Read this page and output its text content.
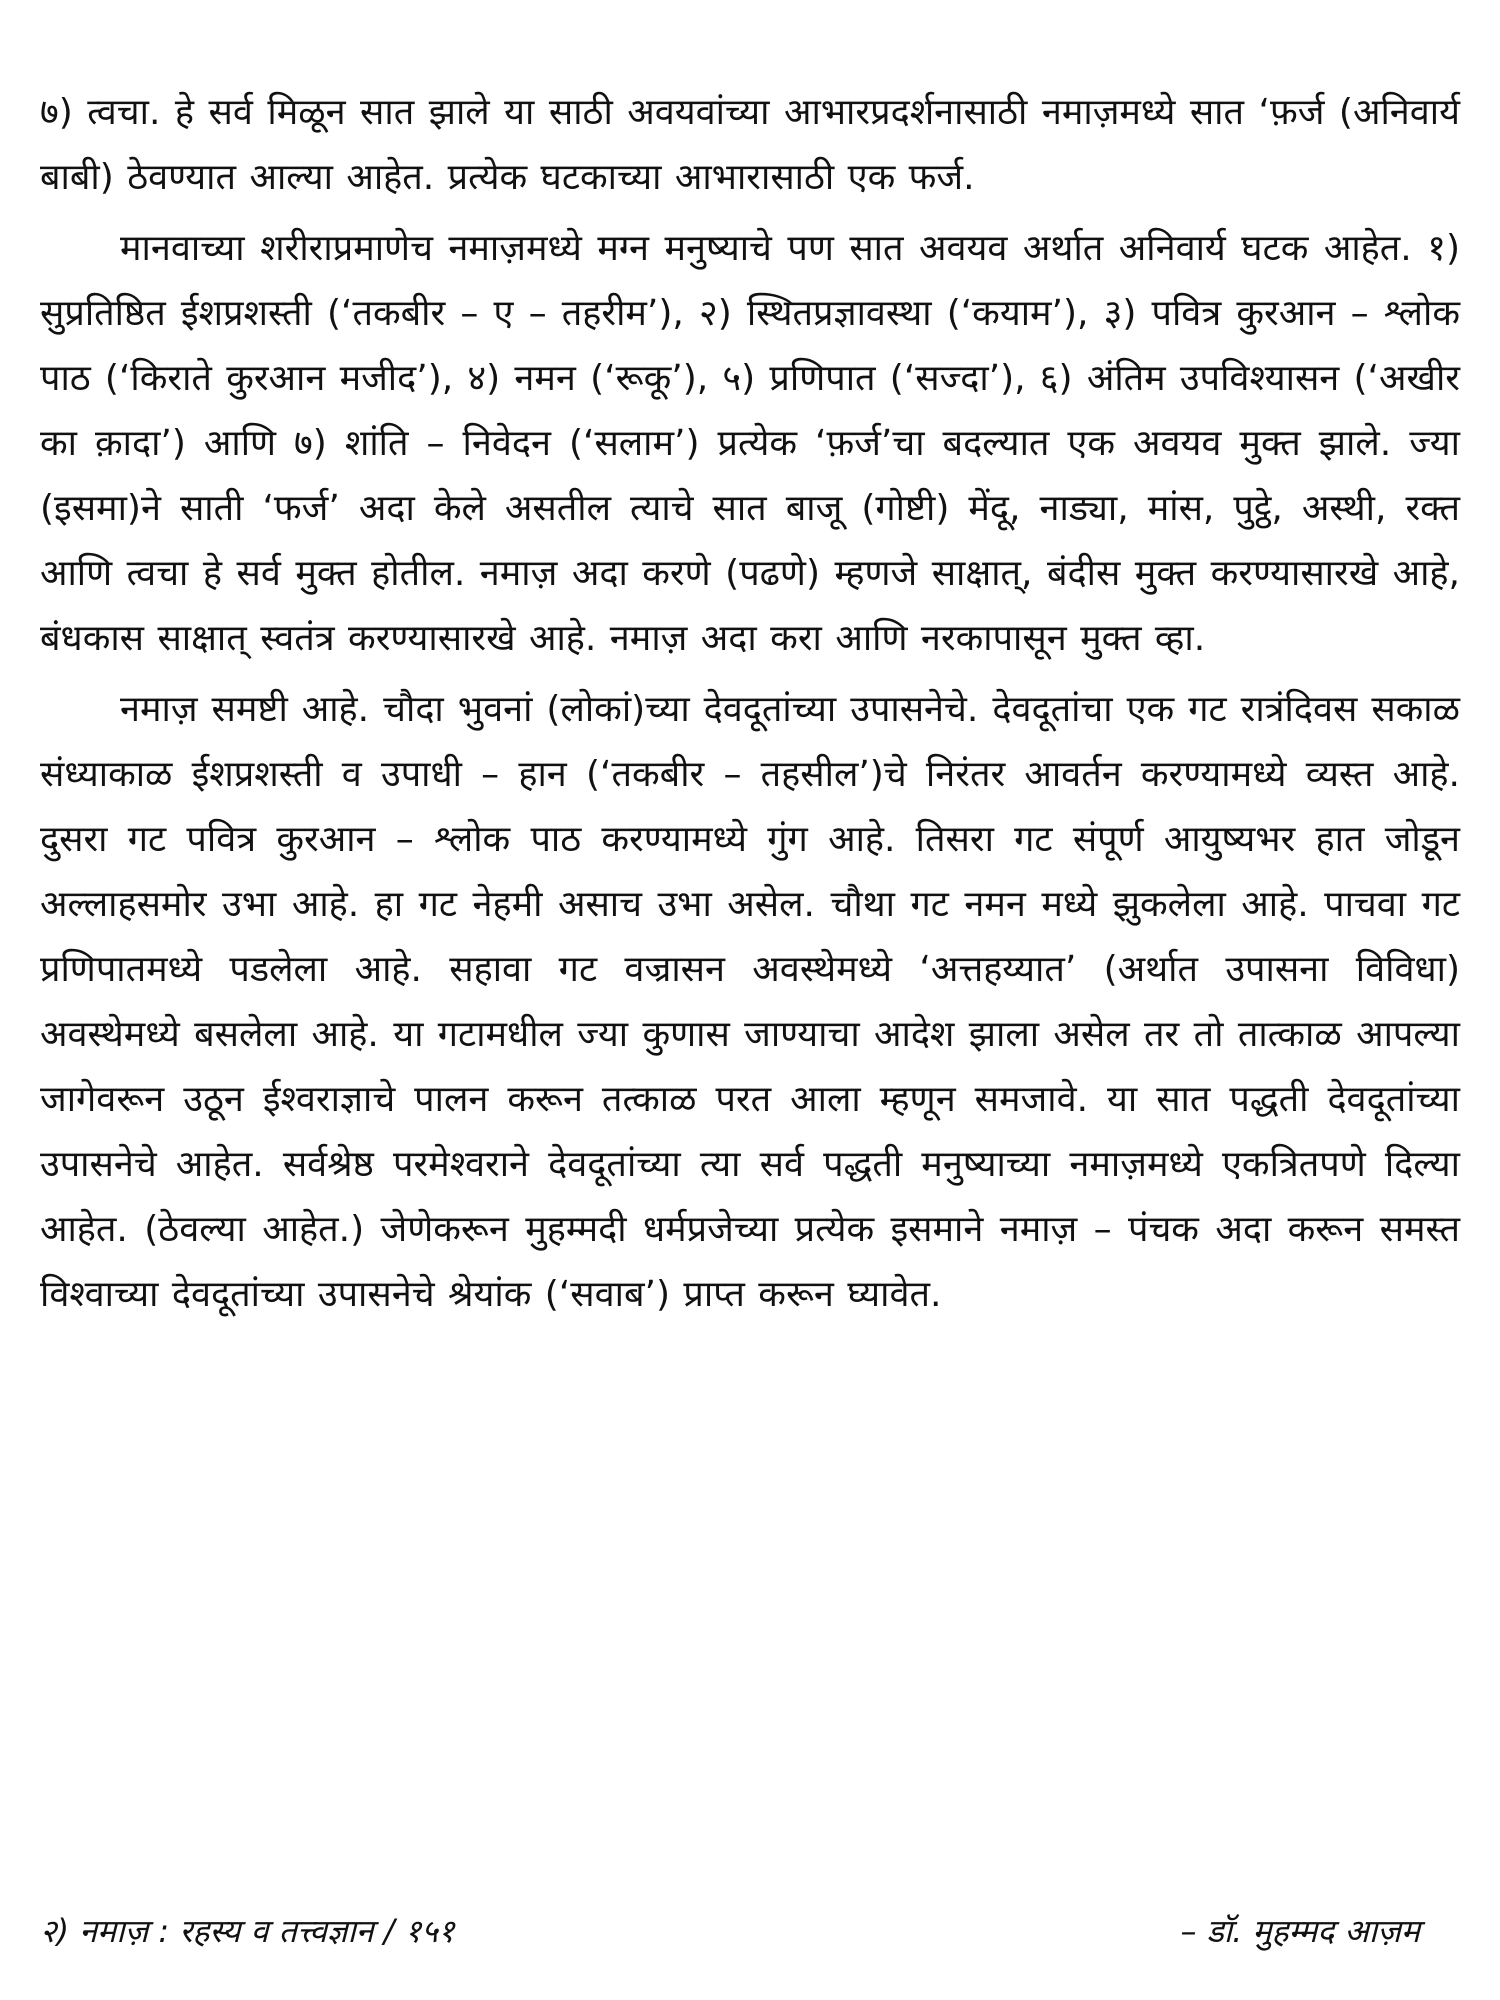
७) त्वचा. हे सर्व मिळून सात झाले या साठी अवयवांच्या आभारप्रदर्शनासाठी नमाज़मध्ये सात ‘फ़र्ज (अनिवार्य बाबी) ठेवण्यात आल्या आहेत. प्रत्येक घटकाच्या आभारासाठी एक फर्ज.

मानवाच्या शरीराप्रमाणेच नमाज़मध्ये मग्न मनुष्याचे पण सात अवयव अर्थात अनिवार्य घटक आहेत. १) सुप्रतिष्ठित ईशप्रशस्ती (‘तकबीर – ए – तहरीम’), २) स्थितप्रज्ञावस्था (‘कयाम’), ३) पवित्र कुरआन – श्लोक पाठ (‘किराते कुरआन मजीद’), ४) नमन (‘रूकू’), ५) प्रणिपात (‘सज्दा’), ६) अंतिम उपविश्यासन (‘अखीर का क़ादा’) आणि ७) शांति – निवेदन (‘सलाम’) प्रत्येक ‘फ़र्ज’चा बदल्यात एक अवयव मुक्त झाले. ज्या (इसमा)ने साती ‘फर्ज’ अदा केले असतील त्याचे सात बाजू (गोष्टी) मेंदू, नाड्या, मांस, पुट्ठे, अस्थी, रक्त आणि त्वचा हे सर्व मुक्त होतील. नमाज़ अदा करणे (पढणे) म्हणजे साक्षात्, बंदीस मुक्त करण्यासारखे आहे, बंधकास साक्षात् स्वतंत्र करण्यासारखे आहे. नमाज़ अदा करा आणि नरकापासून मुक्त व्हा.

नमाज़ समष्टी आहे. चौदा भुवनां (लोकां)च्या देवदूतांच्या उपासनेचे. देवदूतांचा एक गट रात्रंदिवस सकाळ संध्याकाळ ईशप्रशस्ती व उपाधी – हान (‘तकबीर – तहसील’)चे निरंतर आवर्तन करण्यामध्ये व्यस्त आहे. दुसरा गट पवित्र कुरआन – श्लोक पाठ करण्यामध्ये गुंग आहे. तिसरा गट संपूर्ण आयुष्यभर हात जोडून अल्लाहसमोर उभा आहे. हा गट नेहमी असाच उभा असेल. चौथा गट नमन मध्ये झुकलेला आहे. पाचवा गट प्रणिपातमध्ये पडलेला आहे. सहावा गट वज्रासन अवस्थेमध्ये ‘अत्तहय्यात’ (अर्थात उपासना विविधा) अवस्थेमध्ये बसलेला आहे. या गटामधील ज्या कुणास जाण्याचा आदेश झाला असेल तर तो तात्काळ आपल्या जागेवरून उठून ईश्वराज्ञाचे पालन करून तत्काळ परत आला म्हणून समजावे. या सात पद्धती देवदूतांच्या उपासनेचे आहेत. सर्वश्रेष्ठ परमेश्वराने देवदूतांच्या त्या सर्व पद्धती मनुष्याच्या नमाज़मध्ये एकत्रितपणे दिल्या आहेत. (ठेवल्या आहेत.) जेणेकरून मुहम्मदी धर्मप्रजेच्या प्रत्येक इसमाने नमाज़ – पंचक अदा करून समस्त विश्वाच्या देवदूतांच्या उपासनेचे श्रेयांक (‘सवाब’) प्राप्त करून घ्यावेत.

२) नमाज़ : रहस्य व तत्त्वज्ञान / १५१	– डॉ. मुहम्मद आज़म
